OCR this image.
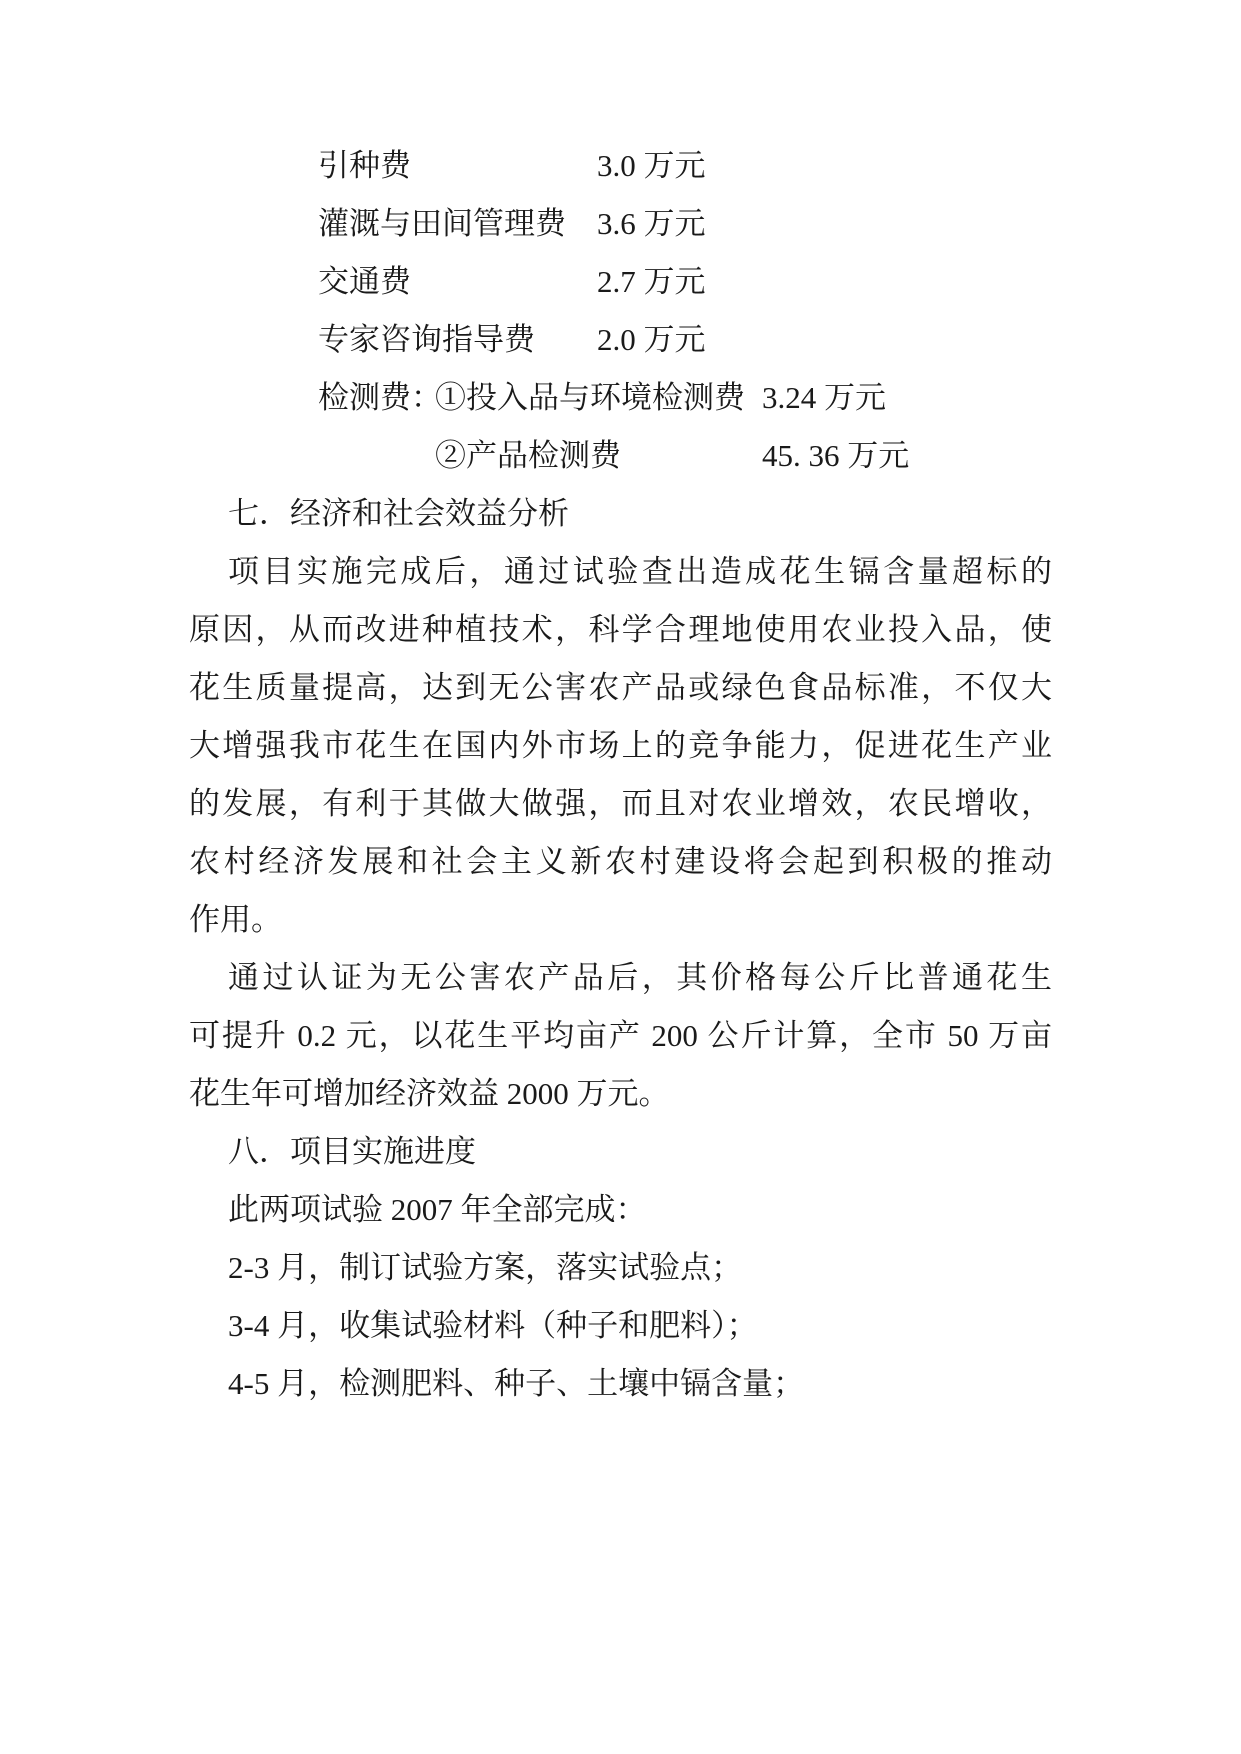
引种费	3.0 万元
灌溉与田间管理费 3.6 万元
交通费	2.7 万元
专家咨询指导费 2.0 万元
检测费：
①投入品与环境检测费 3.24 万元
②产品检测费	45. 36 万元
七．经济和社会效益分析
项目实施完成后，通过试验查出造成花生镉含量超标的
原因，从而改进种植技术，科学合理地使用农业投入品，使
花生质量提高，达到无公害农产品或绿色食品标准，不仅大
大增强我市花生在国内外市场上的竞争能力，促进花生产业
的发展，有利于其做大做强，而且对农业增效，农民增收，
农村经济发展和社会主义新农村建设将会起到积极的推动
作用。
通过认证为无公害农产品后，其价格每公斤比普通花生
可提升 0.2 元，以花生平均亩产 200 公斤计算，全市 50 万亩
花生年可增加经济效益 2000 万元。
八．项目实施进度
此两项试验 2007 年全部完成：
2-3 月，制订试验方案，落实试验点；
3-4 月，收集试验材料（种子和肥料）；
4-5 月，检测肥料、种子、土壤中镉含量；
